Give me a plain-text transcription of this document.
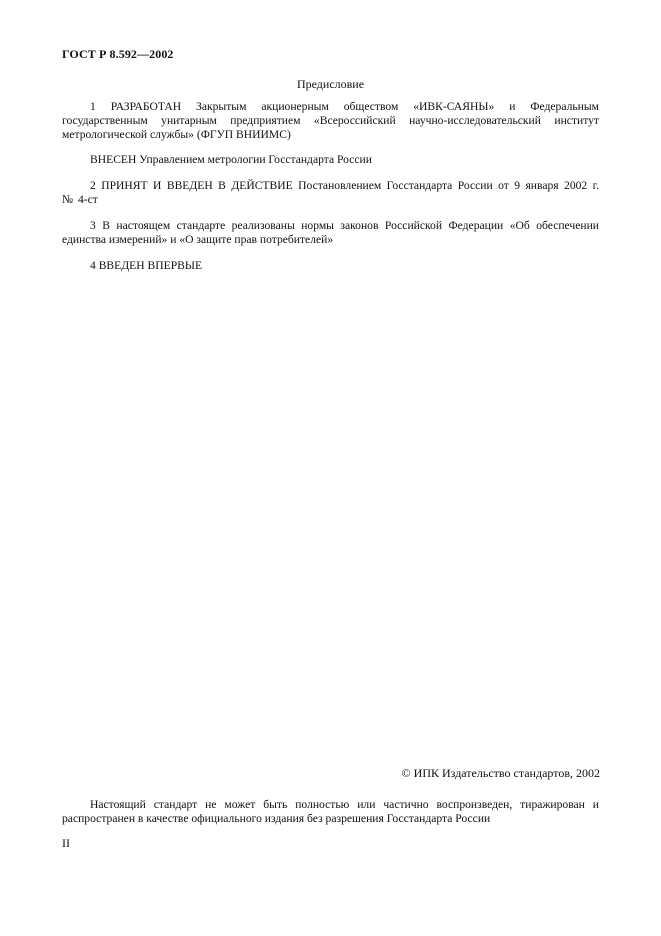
ГОСТ Р 8.592—2002
Предисловие

1 РАЗРАБОТАН Закрытым акционерным обществом «ИВК-САЯНЫ» и Федеральным государственным унитарным предприятием «Всероссийский научно-исследовательский институт метрологической службы» (ФГУП ВНИИМС)

ВНЕСЕН Управлением метрологии Госстандарта России

2 ПРИНЯТ И ВВЕДЕН В ДЕЙСТВИЕ Постановлением Госстандарта России от 9 января 2002 г. № 4-ст

3 В настоящем стандарте реализованы нормы законов Российской Федерации «Об обеспечении единства измерений» и «О защите прав потребителей»

4 ВВЕДЕН ВПЕРВЫЕ

© ИПК Издательство стандартов, 2002

Настоящий стандарт не может быть полностью или частично воспроизведен, тиражирован и распространен в качестве официального издания без разрешения Госстандарта России

II
